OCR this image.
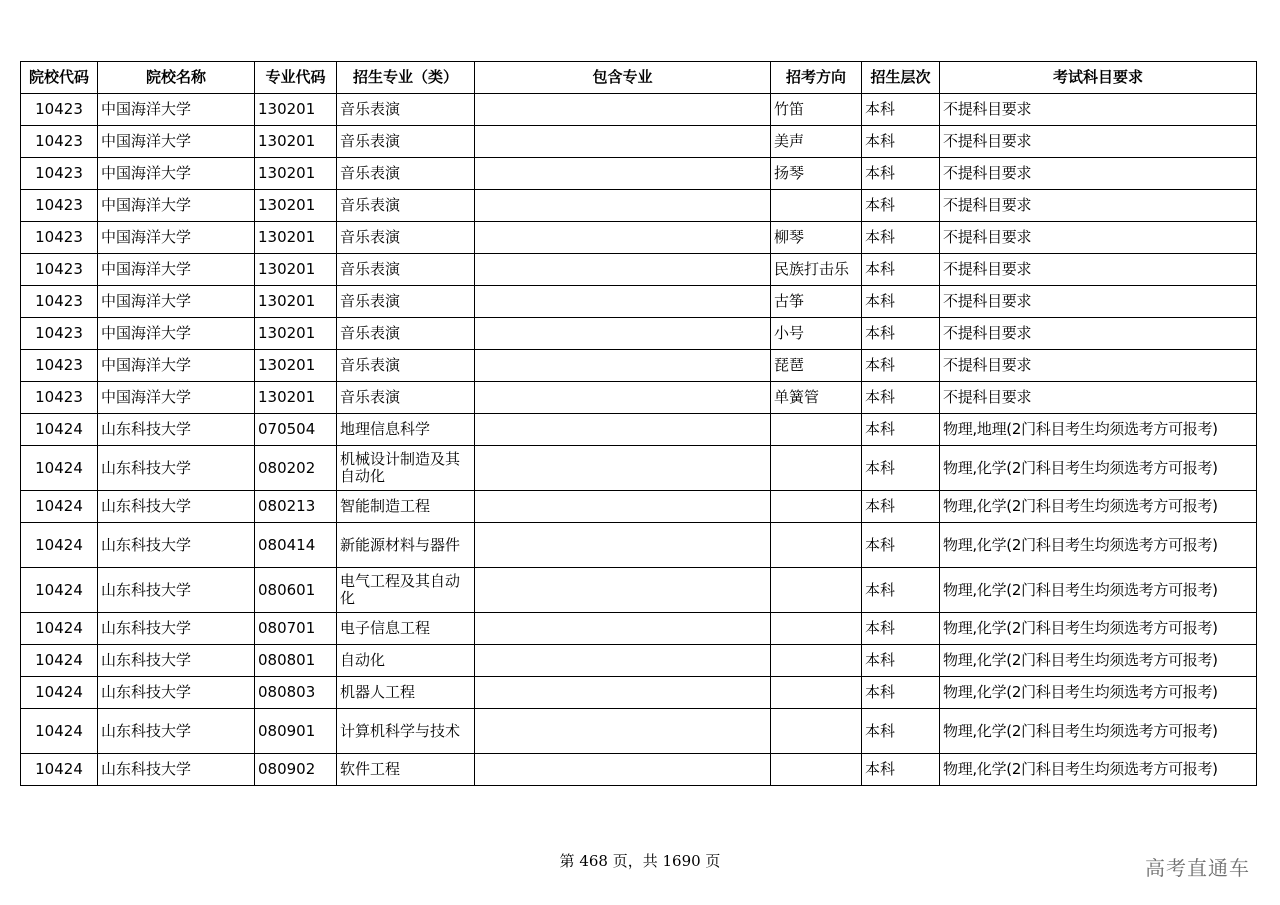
院校代码	院校名称	专业代码	招生专业（类）	包含专业	招考方向	招生层次	考试科目要求
10423	中国海洋大学	130201	音乐表演		竹笛	本科	不提科目要求
10423	中国海洋大学	130201	音乐表演		美声	本科	不提科目要求
10423	中国海洋大学	130201	音乐表演		扬琴	本科	不提科目要求
10423	中国海洋大学	130201	音乐表演			本科	不提科目要求
10423	中国海洋大学	130201	音乐表演		柳琴	本科	不提科目要求
10423	中国海洋大学	130201	音乐表演		民族打击乐	本科	不提科目要求
10423	中国海洋大学	130201	音乐表演		古筝	本科	不提科目要求
10423	中国海洋大学	130201	音乐表演		小号	本科	不提科目要求
10423	中国海洋大学	130201	音乐表演		琵琶	本科	不提科目要求
10423	中国海洋大学	130201	音乐表演		单簧管	本科	不提科目要求
10424	山东科技大学	070504	地理信息科学			本科	物理,地理(2门科目考生均须选考方可报考)
10424	山东科技大学	080202	机械设计制造及其自动化			本科	物理,化学(2门科目考生均须选考方可报考)
10424	山东科技大学	080213	智能制造工程			本科	物理,化学(2门科目考生均须选考方可报考)
10424	山东科技大学	080414	新能源材料与器件			本科	物理,化学(2门科目考生均须选考方可报考)
10424	山东科技大学	080601	电气工程及其自动化			本科	物理,化学(2门科目考生均须选考方可报考)
10424	山东科技大学	080701	电子信息工程			本科	物理,化学(2门科目考生均须选考方可报考)
10424	山东科技大学	080801	自动化			本科	物理,化学(2门科目考生均须选考方可报考)
10424	山东科技大学	080803	机器人工程			本科	物理,化学(2门科目考生均须选考方可报考)
10424	山东科技大学	080901	计算机科学与技术			本科	物理,化学(2门科目考生均须选考方可报考)
10424	山东科技大学	080902	软件工程			本科	物理,化学(2门科目考生均须选考方可报考)
第 468 页，共 1690 页	高考直通车
